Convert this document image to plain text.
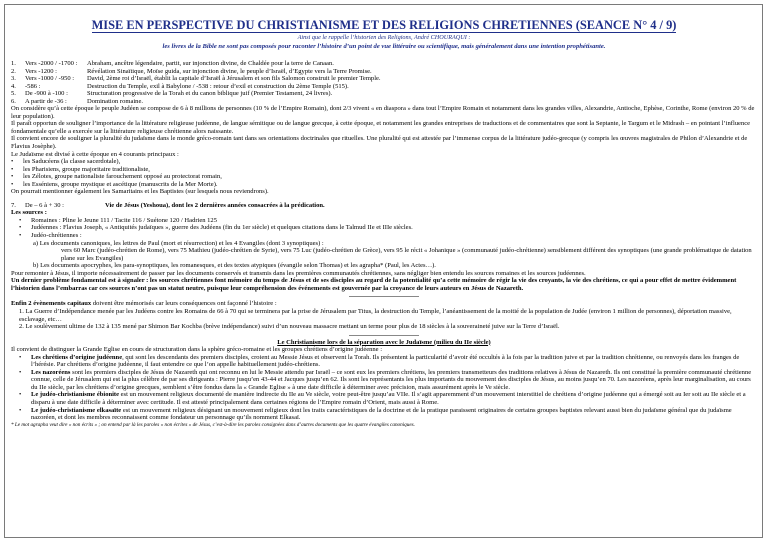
MISE EN PERSPECTIVE DU CHRISTIANISME ET DES RELIGIONS CHRETIENNES (SEANCE N° 4 / 9)
Ainsi que le rappelle l’historien des Religions, André CHOURAQUI :
les livres de la Bible ne sont pas composés pour raconter l’histoire d’un point de vue littéraire ou scientifique, mais généralement dans une intention prophétisante.
1.	Vers -2000 / -1700 :	Abraham, ancêtre légendaire, partit, sur injonction divine, de Chaldée pour la terre de Canaan.
2.	Vers -1200 :	Révélation Sinaïtique, Moïse guida, sur injonction divine, le peuple d’Israël, d’Egypte vers la Terre Promise.
3.	Vers -1000 / -950 :	David, 2ème roi d’Israël, établit la capitale d’Israël à Jérusalem et son fils Salomon construit le premier Temple.
4.	-586 :	Destruction du Temple, exil à Babylone / -538 : retour d’exil et construction du 2ème Temple (515).
5.	De -900 à -100 :	Structuration progressive de la Torah et du canon biblique juif (Premier Testament, 24 livres).
6.	A partir de -36 :	Domination romaine.
On considère qu’à cette époque le peuple Judéen se compose de 6 à 8 millions de personnes (10 % de l’Empire Romain), dont 2/3 vivent « en diaspora » dans tout l’Empire Romain et notamment dans les grandes villes, Alexandrie, Antioche, Ephèse, Corinthe, Rome (environ 20 % de leur population).
Il paraît opportun de souligner l’importance de la littérature religieuse judéenne, de langue sémitique ou de langue grecque, à cette époque, et notamment les grandes entreprises de traductions et de commentaires que sont la Septante, le Targum et le Midrash – en pointant l’influence fondamentale qu’elle a exercée sur la littérature religieuse chrétienne alors naissante.
Il convient encore de souligner la pluralité du judaïsme dans le monde gréco-romain tant dans ses orientations doctrinales que rituelles. Une pluralité qui est attestée par l’immense corpus de la littérature judéo-grecque (y compris les œuvres magistrales de Philon d’Alexandrie et de Flavius Josèphe).
Le Judaïsme est divisé à cette époque en 4 courants principaux :
•	les Saducéens (la classe sacerdotale),
•	les Pharisiens, groupe majoritaire traditionaliste,
•	les Zélotes, groupe nationaliste farouchement opposé au protectorat romain,
•	les Esséniens, groupe mystique et ascétique (manuscrits de la Mer Morte).
On pourrait mentionner également les Samaritains et les Baptistes (sur lesquels nous reviendrons).
7.	De – 6 à + 30 :	Vie de Jésus (Yeshoua), dont les 2 dernières années consacrées à la prédication.
Les sources :
•	Romaines : Pline le Jeune 111 / Tacite 116 / Suétone 120 / Hadrien 125
•	Judéennes : Flavius Joseph, « Antiquités judaïques », guerre des Judéens (fin du 1er siècle) et quelques citations dans le Talmud IIe et IIIe siècles.
•	Judéo-chrétiennes :
a) Les documents canoniques, les lettres de Paul (mort et résurrection) et les 4 Evangiles (dont 3 synoptiques) :
vers 60 Marc (judéo-chrétien de Rome), vers 75 Mathieu (judéo-chrétien de Syrie), vers 75 Luc (judéo-chrétien de Grèce), vers 95 le récit « Johanique » (communauté judéo-chrétienne) sensiblement différent des synoptiques (une grande problématique de datation plane sur les Evangiles)
b) Les documents apocryphes, les para-synoptiques, les romanesques, et des textes atypiques (évangile selon Thomas) et les agrapha* (Paul, les Actes…).
Pour remonter à Jésus, il importe nécessairement de passer par les documents conservés et transmis dans les premières communautés chrétiennes, sans négliger bien entendu les sources romaines et les sources judéennes.
Un dernier problème fondamental est à signaler : les sources chrétiennes font mémoire du temps de Jésus et de ses disciples au regard de la potentialité qu’a cette mémoire de régir la vie des croyants, la vie des chrétiens, ce qui a pour effet de mettre évidemment l’historien dans l’embarras car ces sources n’ont pas un statut neutre, puisque leur compréhension des événements est gouvernée par la croyance de leurs auteurs en Jésus de Nazareth.
Enfin 2 évènements capitaux doivent être mémorisés car leurs conséquences ont façonné l’histoire :
1. La Guerre d’Indépendance menée par les Judéens contre les Romains de 66 à 70 qui se terminera par la prise de Jérusalem par Titus, la destruction du Temple, l’anéantissement de la moitié de la population de Judée (environ 1 million de personnes), déportation massive, esclavage, etc…
2. Le soulèvement ultime de 132 à 135 mené par Shimon Bar Kochba (brève indépendance) suivi d’un nouveau massacre mettant un terme pour plus de 18 siècles à la souveraineté juive sur la Terre d’Israël.
Le Christianisme lors de la séparation avec le Judaïsme (milieu du IIe siècle)
Il convient de distinguer la Grande Eglise en cours de structuration dans la sphère gréco-romaine et les groupes chrétiens d’origine judéenne :
•	Les chrétiens d’origine judéenne, qui sont les descendants des premiers disciples, croient au Messie Jésus et observent la Torah. Ils présentent la particularité d’avoir été occultés à la fois par la tradition juive et par la tradition chrétienne, ou renvoyés dans les franges de l’hérésie. Par chrétiens d’origine judéenne, il faut entendre ce que l’on appelle habituellement judéo-chrétiens.
•	Les nazoréens sont les premiers disciples de Jésus de Nazareth qui ont reconnu en lui le Messie attendu par Israël – ce sont eux les premiers chrétiens, les premiers transmetteurs des traditions relatives à Jésus de Nazareth. Ils ont constitué la première communauté chrétienne connue, celle de Jérusalem qui est la plus célèbre de par ses dirigeants : Pierre jusqu’en 43-44 et Jacques jusqu’en 62. Ils sont les représentants les plus importants du mouvement des disciples de Jésus, au moins jusqu’en 70. Les nazoréens, après leur marginalisation, au cours du IIe siècle, par les chrétiens d’origine grecques, semblent s’être fondus dans la « Grande Eglise » à une date difficile à déterminer avec précision, mais assurément après le Ve siècle.
•	Le judéo-christianisme ébionite est un mouvement religieux documenté de manière indirecte du IIe au Ve siècle, voire peut-être jusqu’au VIIe. Il s’agit apparemment d’un mouvement interstitiel de chrétiens d’origine judéenne qui a émergé soit au Ier soit au IIe siècle et a disparu à une date difficile à déterminer avec certitude. Il est attesté principalement dans certaines régions de l’Empire romain d’Orient, mais aussi à Rome.
•	Le judéo-christianisme elkasaïte est un mouvement religieux désignant un mouvement religieux dont les traits caractéristiques de la doctrine et de la pratique paraissent originaires de certains groupes baptistes relevant aussi bien du judaïsme général que du judaïsme nazoréen, et dont les membres reconnaissent comme fondateur un personnage qu’ils nomment Elkasaï.
* Le mot agrapha veut dire « non écrits » ; on entend par là les paroles « non écrites » de Jésus, c’est-à-dire les paroles consignées dans d’autres documents que les quatre évangiles canoniques.
